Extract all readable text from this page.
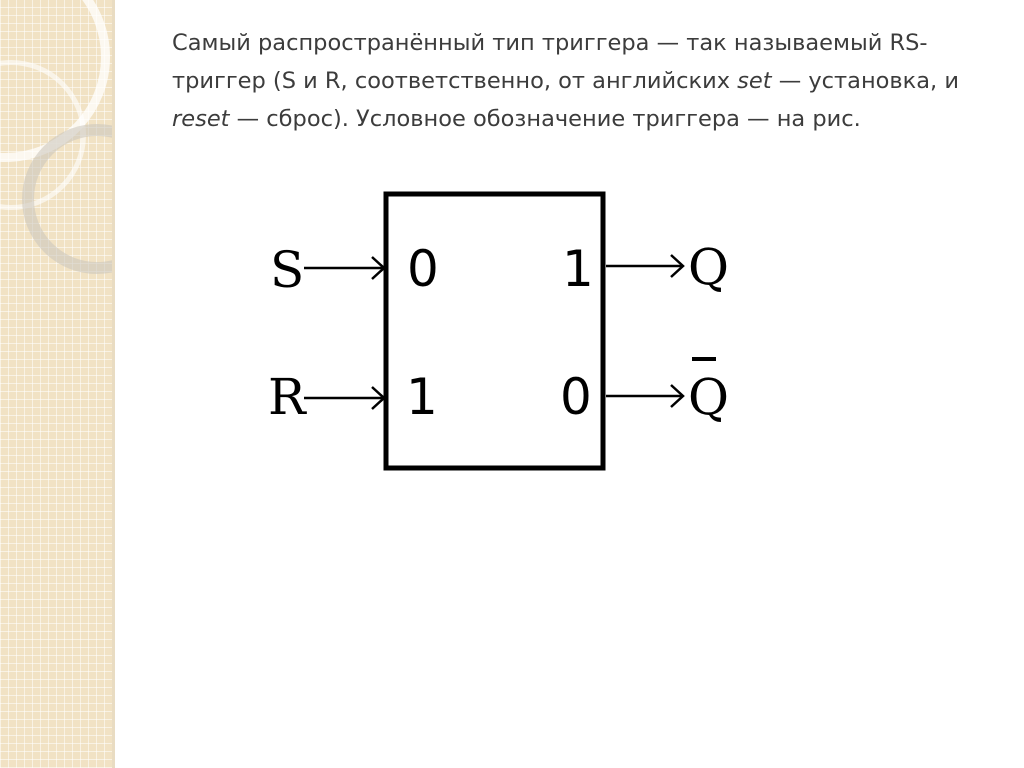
Самый распространённый тип триггера — так называемый RS-триггер (S и R, соответственно, от английских set — установка, и reset — сброс). Условное обозначение триггера — на рис.

S
R
0
1
1
0
Q
Q
